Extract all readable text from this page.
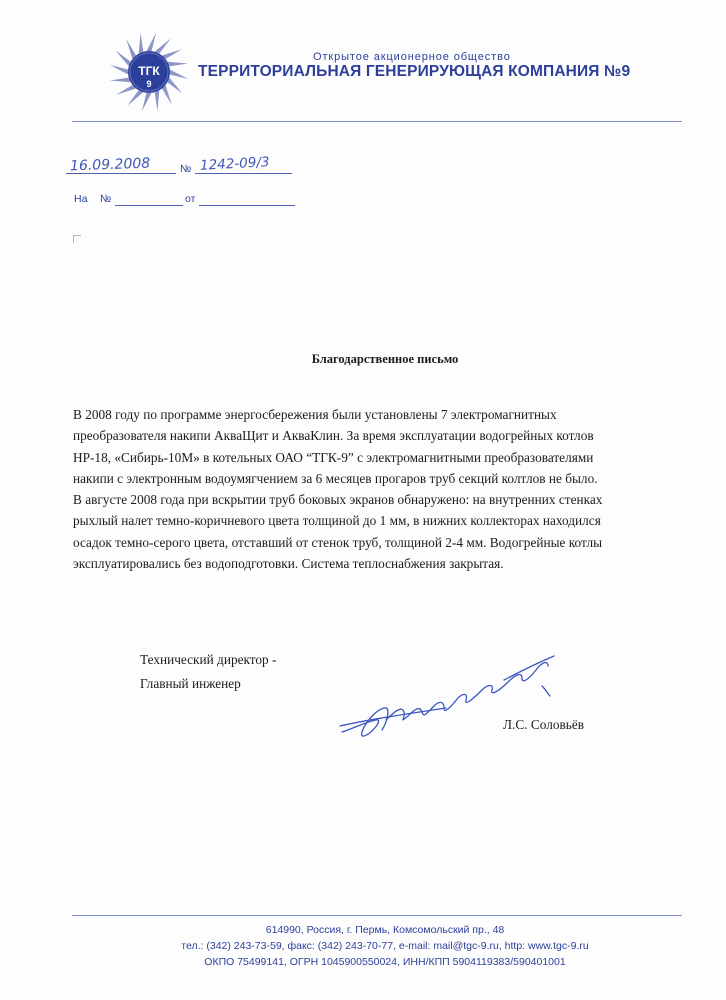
ТГК
9
Открытое акционерное общество
ТЕРРИТОРИАЛЬНАЯ ГЕНЕРИРУЮЩАЯ КОМПАНИЯ №9
16.09.2008	№ 1242-09/3
На №	от
Благодарственное письмо
В 2008 году по программе энергосбережения были установлены 7 электромагнитных
преобразователя накипи АкваЩит и АкваКлин. За время эксплуатации водогрейных котлов
НР-18, «Сибирь-10М» в котельных ОАО “ТГК-9” с электромагнитными преобразователями
накипи с электронным водоумягчением за 6 месяцев прогаров труб секций колтлов не было.
В августе 2008 года при вскрытии труб боковых экранов обнаружено: на внутренних стенках
рыхлый налет темно-коричневого цвета толщиной до 1 мм, в нижних коллекторах находился
осадок темно-серого цвета, отставший от стенок труб, толщиной 2-4 мм. Водогрейные котлы
эксплуатировались без водоподготовки. Система теплоснабжения закрытая.
Технический директор -
Главный инженер
Л.С. Соловьёв
614990, Россия, г. Пермь, Комсомольский пр., 48
тел.: (342) 243-73-59, факс: (342) 243-70-77, e-mail: mail@tgc-9.ru, http: www.tgc-9.ru
ОКПО 75499141, ОГРН 1045900550024, ИНН/КПП 5904119383/590401001
